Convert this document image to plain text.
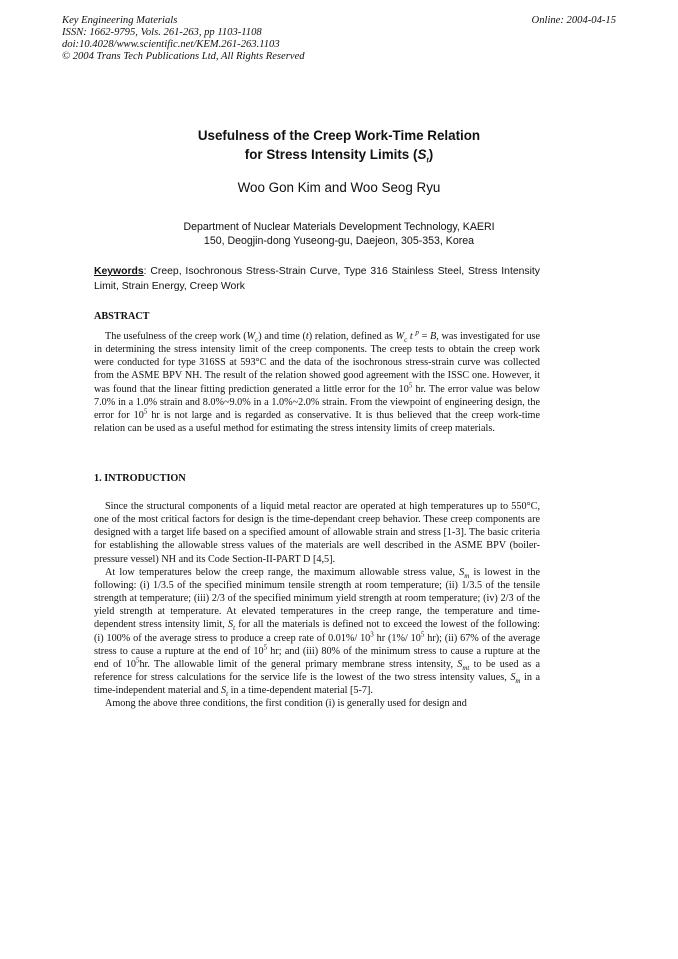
Key Engineering Materials
ISSN: 1662-9795, Vols. 261-263, pp 1103-1108
doi:10.4028/www.scientific.net/KEM.261-263.1103
© 2004 Trans Tech Publications Ltd, All Rights Reserved
Online: 2004-04-15
Usefulness of the Creep Work-Time Relation
for Stress Intensity Limits $(S_t)$
Woo Gon Kim and Woo Seog Ryu
Department of Nuclear Materials Development Technology, KAERI
150, Deogjin-dong Yuseong-gu, Daejeon, 305-353, Korea
Keywords: Creep, Isochronous Stress-Strain Curve, Type 316 Stainless Steel, Stress Intensity Limit, Strain Energy, Creep Work
ABSTRACT

The usefulness of the creep work $(W_c)$ and time (t) relation, defined as $W_c$ t $^p$ = B, was investigated for use in determining the stress intensity limit of the creep components. The creep tests to obtain the creep work were conducted for type 316SS at 593°C and the data of the isochronous stress-strain curve was collected from the ASME BPV NH. The result of the relation showed good agreement with the ISSC one. However, it was found that the linear fitting prediction generated a little error for the $10^5$ hr. The error value was below 7.0% in a 1.0% strain and 8.0%~9.0% in a 1.0%~2.0% strain. From the viewpoint of engineering design, the error for $10^5$ hr is not large and is regarded as conservative. It is thus believed that the creep work-time relation can be used as a useful method for estimating the stress intensity limits of creep materials.

1. INTRODUCTION

Since the structural components of a liquid metal reactor are operated at high temperatures up to 550°C, one of the most critical factors for design is the time-dependant creep behavior. These creep components are designed with a target life based on a specified amount of allowable strain and stress [1-3]. The basic criteria for establishing the allowable stress values of the materials are well described in the ASME BPV (boiler-pressure vessel) NH and its Code Section-II-PART D [4,5].

At low temperatures below the creep range, the maximum allowable stress value, $S_m$ is lowest in the following: (i) 1/3.5 of the specified minimum tensile strength at room temperature; (ii) 1/3.5 of the tensile strength at temperature; (iii) 2/3 of the specified minimum yield strength at room temperature; (iv) 2/3 of the yield strength at temperature. At elevated temperatures in the creep range, the temperature and time-dependent stress intensity limit, $S_t$ for all the materials is defined not to exceed the lowest of the following: (i) 100% of the average stress to produce a creep rate of 0.01%/ $10^3$ hr (1%/ $10^5$ hr); (ii) 67% of the average stress to cause a rupture at the end of $10^5$ hr; and (iii) 80% of the minimum stress to cause a rupture at the end of $10^5hr$. The allowable limit of the general primary membrane stress intensity, $S_{mt}$ to be used as a reference for stress calculations for the service life is the lowest of the two stress intensity values, $S_m$ in a time-independent material and $S_t$ in a time-dependent material [5-7].

Among the above three conditions, the first condition (i) is generally used for design and
